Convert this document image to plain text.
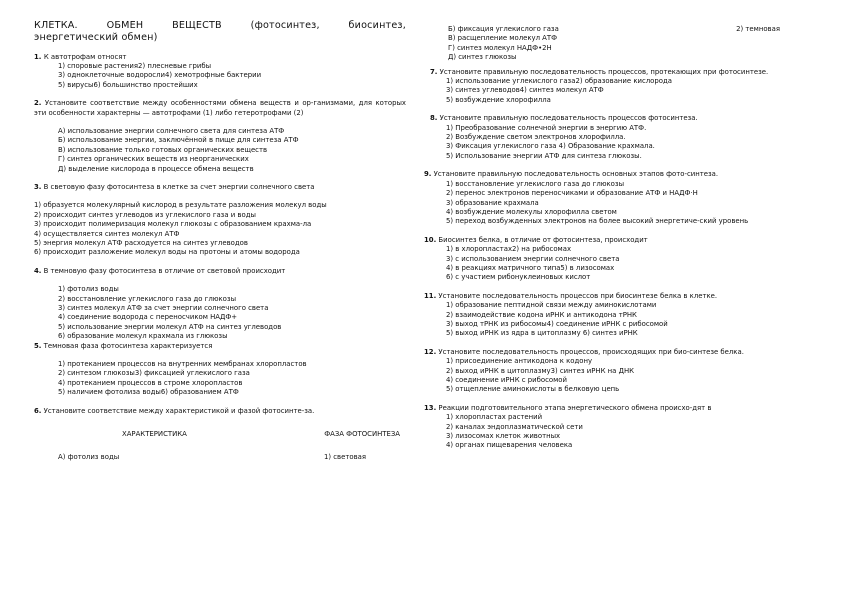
КЛЕТКА. ОБМЕН ВЕЩЕСТВ (фотосинтез, биосинтез,
энергетический обмен)

1. К автотрофам относят

1) споровые растения2) плесневые грибы

3) одноклеточные водоросли4) хемотрофные бактерии

5) вирусы6) большинство простейших

2. Установите соответствие между особенностями обмена веществ и ор-ганизмами, для которых эти особенности характерны — автотрофами (1) либо гетеротрофами (2)

А) использование энергии солнечного света для синтеза АТФ

Б) использование энергии, заключённой в пище для синтеза АТФ

В) использование только готовых органических веществ

Г) синтез органических веществ из неорганических

Д) выделение кислорода в процессе обмена веществ

3. В световую фазу фотосинтеза в клетке за счет энергии солнечного света

1) образуется молекулярный кислород в результате разложения молекул воды

2) происходит синтез углеводов из углекислого газа и воды

3) происходит полимеризация молекул глюкозы с образованием крахма-ла

4) осуществляется синтез молекул АТФ

5) энергия молекул АТФ расходуется на синтез углеводов

6) происходит разложение молекул воды на протоны и атомы водорода

4. В темновую фазу фотосинтеза в отличие от световой происходит

1) фотолиз воды

2) восстановление углекислого газа до глюкозы

3) синтез молекул АТФ за счет энергии солнечного света

4) соединение водорода с переносчиком НАДФ+

5) использование энергии молекул АТФ на синтез углеводов

6) образование молекул крахмала из глюкозы

5. Темновая фаза фотосинтеза характеризуется

1) протеканием процессов на внутренних мембранах хлоропластов

2) синтезом глюкозы3) фиксацией углекислого газа

4) протеканием процессов в строме хлоропластов

5) наличием фотолиза воды6) образованием АТФ

6. Установите соответствие между характеристикой и фазой фотосинте-за.

ХАРАКТЕРИСТИКА	ФАЗА ФОТОСИНТЕЗА
А) фотолиз воды	1) световая
Б) фиксация углекислого газа	2) темновая

В) расщепление молекул АТФ

Г) синтез молекул НАДФ•2Н

Д) синтез глюкозы

7. Установите правильную последовательность процессов, протекающих при фотосинтезе.

1) использование углекислого газа2) образование кислорода

3) синтез углеводов4) синтез молекул АТФ

5) возбуждение хлорофилла

8. Установите правильную последовательность процессов фотосинтеза.

1) Преобразование солнечной энергии в энергию АТФ.

2) Возбуждение светом электронов хлорофилла.

3) Фиксация углекислого газа 4) Образование крахмала.

5) Использование энергии АТФ для синтеза глюкозы.

9. Установите правильную последовательность основных этапов фото-синтеза.

1) восстановление углекислого газа до глюкозы

2) перенос электронов переносчиками и образование АТФ и НАДФ·Н

3) образование крахмала

4) возбуждение молекулы хлорофилла светом

5) переход возбужденных электронов на более высокий энергетиче-ский уровень

10. Биосинтез белка, в отличие от фотосинтеза, происходит

1) в хлоропластах2) на рибосомах

3) с использованием энергии солнечного света

4) в реакциях матричного типа5) в лизосомах

6) с участием рибонуклеиновых кислот

11. Установите последовательность процессов при биосинтезе белка в клетке.

1) образование пептидной связи между аминокислотами

2) взаимодействие кодона иРНК и антикодона тРНК

3) выход тРНК из рибосомы4) соединение иРНК с рибосомой

5) выход иРНК из ядра в цитоплазму 6) синтез иРНК

12. Установите последовательность процессов, происходящих при био-синтезе белка.

1) присоединение антикодона к кодону

2) выход иРНК в цитоплазму3) синтез иРНК на ДНК

4) соединение иРНК с рибосомой

5) отщепление аминокислоты в белковую цепь

13. Реакции подготовительного этапа энергетического обмена происхо-дят в

1) хлоропластах растений

2) каналах эндоплазматической сети

3) лизосомах клеток животных

4) органах пищеварения человека
